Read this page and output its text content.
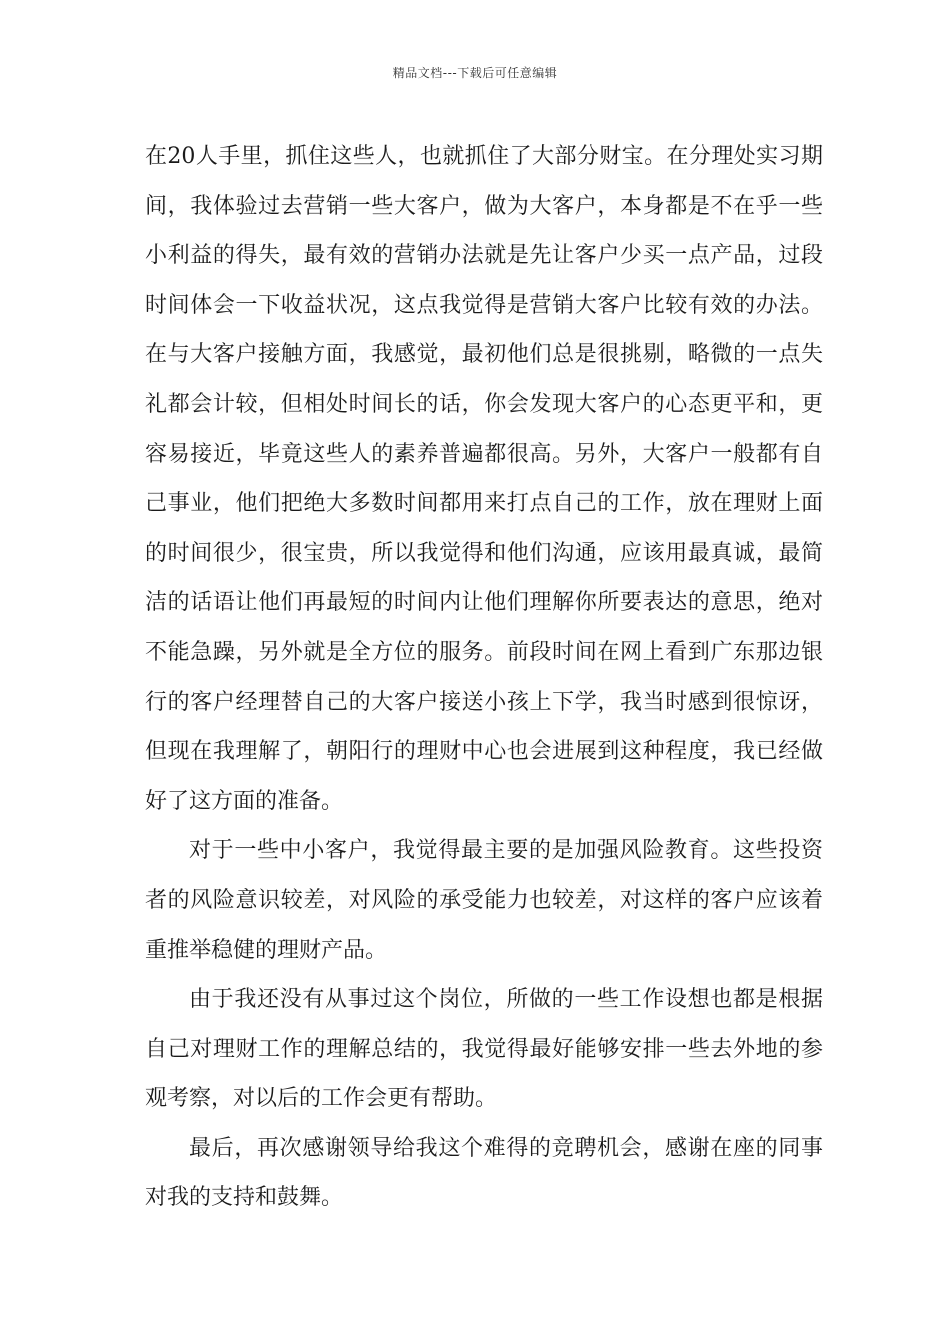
精品文档---下载后可任意编辑

在20人手里，抓住这些人，也就抓住了大部分财宝。在分理处实习期间，我体验过去营销一些大客户，做为大客户，本身都是不在乎一些小利益的得失，最有效的营销办法就是先让客户少买一点产品，过段时间体会一下收益状况，这点我觉得是营销大客户比较有效的办法。在与大客户接触方面，我感觉，最初他们总是很挑剔，略微的一点失礼都会计较，但相处时间长的话，你会发现大客户的心态更平和，更容易接近，毕竟这些人的素养普遍都很高。另外，大客户一般都有自己事业，他们把绝大多数时间都用来打点自己的工作，放在理财上面的时间很少，很宝贵，所以我觉得和他们沟通，应该用最真诚，最简洁的话语让他们再最短的时间内让他们理解你所要表达的意思，绝对不能急躁，另外就是全方位的服务。前段时间在网上看到广东那边银行的客户经理替自己的大客户接送小孩上下学，我当时感到很惊讶，但现在我理解了，朝阳行的理财中心也会进展到这种程度，我已经做好了这方面的准备。

对于一些中小客户，我觉得最主要的是加强风险教育。这些投资者的风险意识较差，对风险的承受能力也较差，对这样的客户应该着重推举稳健的理财产品。

由于我还没有从事过这个岗位，所做的一些工作设想也都是根据自己对理财工作的理解总结的，我觉得最好能够安排一些去外地的参观考察，对以后的工作会更有帮助。

最后，再次感谢领导给我这个难得的竞聘机会，感谢在座的同事对我的支持和鼓舞。
